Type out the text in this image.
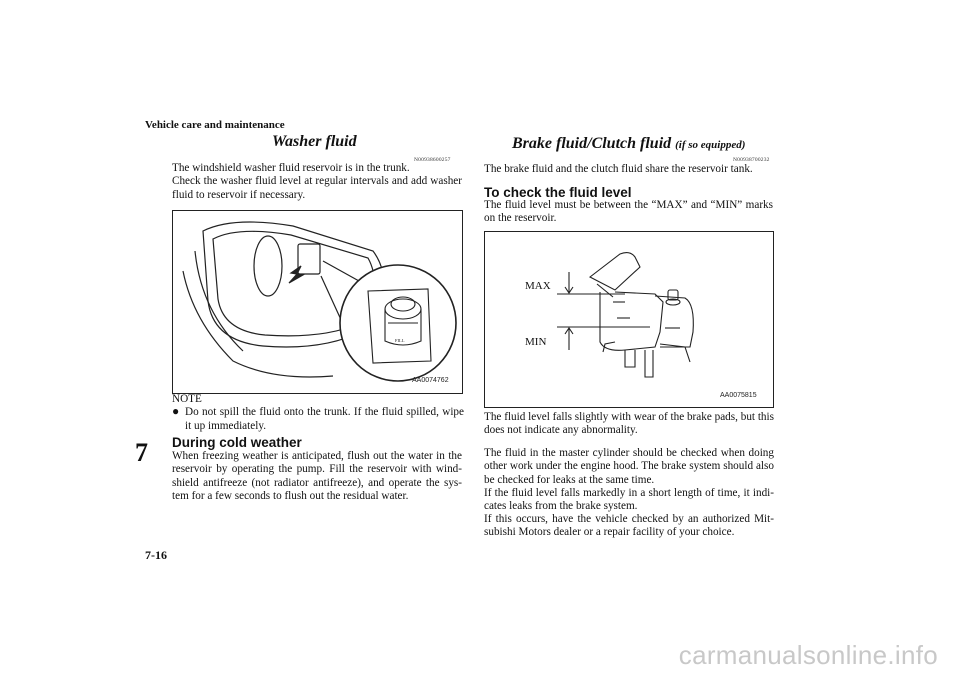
Vehicle care and maintenance
7
7-16
Washer fluid
N00938600257
The windshield washer fluid reservoir is in the trunk.
Check the washer fluid level at regular intervals and add washer fluid to reservoir if necessary.
FILL
AA0074762
NOTE
● Do not spill the fluid onto the trunk. If the fluid spilled, wipe it up immediately.
During cold weather
When freezing weather is anticipated, flush out the water in the reservoir by operating the pump. Fill the reservoir with wind-shield antifreeze (not radiator antifreeze), and operate the sys-tem for a few seconds to flush out the residual water.
Brake fluid/Clutch fluid (if so equipped)
N00938700232
The brake fluid and the clutch fluid share the reservoir tank.
To check the fluid level
The fluid level must be between the “MAX” and “MIN” marks on the reservoir.
MAX
MIN
AA0075815
The fluid level falls slightly with wear of the brake pads, but this does not indicate any abnormality.
The fluid in the master cylinder should be checked when doing other work under the engine hood. The brake system should also be checked for leaks at the same time.
If the fluid level falls markedly in a short length of time, it indi-cates leaks from the brake system.
If this occurs, have the vehicle checked by an authorized Mit-subishi Motors dealer or a repair facility of your choice.
carmanualsonline.info
